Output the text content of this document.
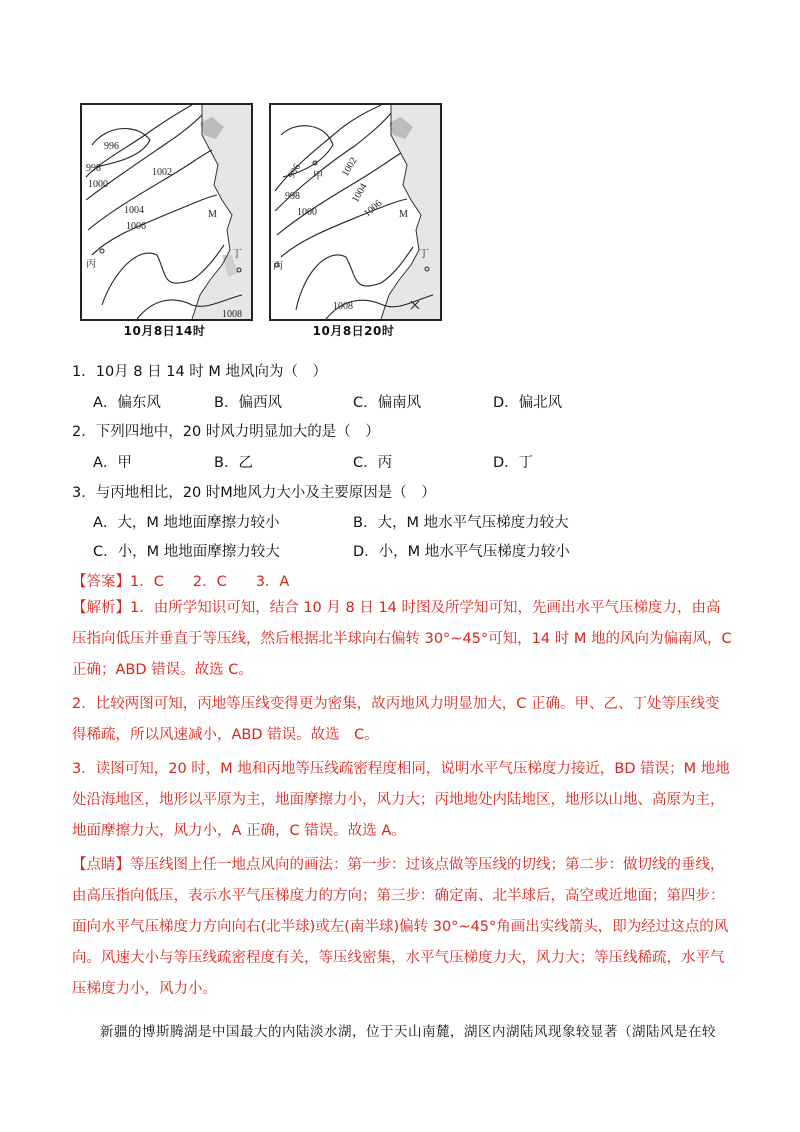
996
998
1000
1002
1004
1006
1008
丙
M
丁
10月8日14时
996
998
1000
1002
1004
1006
1008
甲
丙
M
丁
10月8日20时
1．10月 8 日 14 时 M 地风向为（　）
A．偏东风	B．偏西风	C．偏南风	D．偏北风
2．下列四地中，20 时风力明显加大的是（　）
A．甲	B．乙	C．丙	D．丁
3．与丙地相比，20 时M地风力大小及主要原因是（　）
A．大，M 地地面摩擦力较小	B．大，M 地水平气压梯度力较大
C．小，M 地地面摩擦力较大	D．小，M 地水平气压梯度力较小
【答案】1．C　　2．C　　3．A

【解析】1．由所学知识可知，结合 10 月 8 日 14 时图及所学知可知，先画出水平气压梯度力，由高压指向低压并垂直于等压线，然后根据北半球向右偏转 30°~45°可知，14 时 M 地的风向为偏南风，C 正确；ABD 错误。故选 C。

2．比较两图可知，丙地等压线变得更为密集，故丙地风力明显加大，C 正确。甲、乙、丁处等压线变得稀疏，所以风速减小，ABD 错误。故选　C。

3．读图可知，20 时，M 地和丙地等压线疏密程度相同，说明水平气压梯度力接近，BD 错误；M 地地处沿海地区，地形以平原为主，地面摩擦力小，风力大；丙地地处内陆地区，地形以山地、高原为主，地面摩擦力大，风力小，A 正确，C 错误。故选 A。

【点睛】等压线图上任一地点风向的画法：第一步：过该点做等压线的切线；第二步：做切线的垂线，由高压指向低压，表示水平气压梯度力的方向；第三步：确定南、北半球后，高空或近地面；第四步：面向水平气压梯度力方向向右(北半球)或左(南半球)偏转 30°~45°角画出实线箭头，即为经过这点的风向。风速大小与等压线疏密程度有关，等压线密集，水平气压梯度力大，风力大；等压线稀疏，水平气压梯度力小，风力小。

新疆的博斯腾湖是中国最大的内陆淡水湖，位于天山南麓，湖区内湖陆风现象较显著（湖陆风是在较
